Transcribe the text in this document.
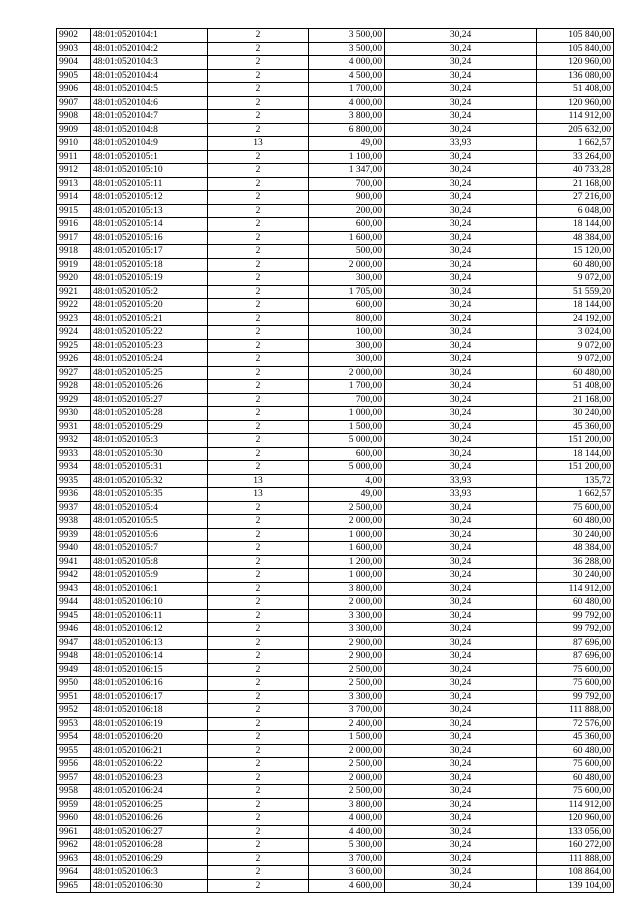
9902	48:01:0520104:1	2	3 500,00	30,24	105 840,00
9903	48:01:0520104:2	2	3 500,00	30,24	105 840,00
9904	48:01:0520104:3	2	4 000,00	30,24	120 960,00
9905	48:01:0520104:4	2	4 500,00	30,24	136 080,00
9906	48:01:0520104:5	2	1 700,00	30,24	51 408,00
9907	48:01:0520104:6	2	4 000,00	30,24	120 960,00
9908	48:01:0520104:7	2	3 800,00	30,24	114 912,00
9909	48:01:0520104:8	2	6 800,00	30,24	205 632,00
9910	48:01:0520104:9	13	49,00	33,93	1 662,57
9911	48:01:0520105:1	2	1 100,00	30,24	33 264,00
9912	48:01:0520105:10	2	1 347,00	30,24	40 733,28
9913	48:01:0520105:11	2	700,00	30,24	21 168,00
9914	48:01:0520105:12	2	900,00	30,24	27 216,00
9915	48:01:0520105:13	2	200,00	30,24	6 048,00
9916	48:01:0520105:14	2	600,00	30,24	18 144,00
9917	48:01:0520105:16	2	1 600,00	30,24	48 384,00
9918	48:01:0520105:17	2	500,00	30,24	15 120,00
9919	48:01:0520105:18	2	2 000,00	30,24	60 480,00
9920	48:01:0520105:19	2	300,00	30,24	9 072,00
9921	48:01:0520105:2	2	1 705,00	30,24	51 559,20
9922	48:01:0520105:20	2	600,00	30,24	18 144,00
9923	48:01:0520105:21	2	800,00	30,24	24 192,00
9924	48:01:0520105:22	2	100,00	30,24	3 024,00
9925	48:01:0520105:23	2	300,00	30,24	9 072,00
9926	48:01:0520105:24	2	300,00	30,24	9 072,00
9927	48:01:0520105:25	2	2 000,00	30,24	60 480,00
9928	48:01:0520105:26	2	1 700,00	30,24	51 408,00
9929	48:01:0520105:27	2	700,00	30,24	21 168,00
9930	48:01:0520105:28	2	1 000,00	30,24	30 240,00
9931	48:01:0520105:29	2	1 500,00	30,24	45 360,00
9932	48:01:0520105:3	2	5 000,00	30,24	151 200,00
9933	48:01:0520105:30	2	600,00	30,24	18 144,00
9934	48:01:0520105:31	2	5 000,00	30,24	151 200,00
9935	48:01:0520105:32	13	4,00	33,93	135,72
9936	48:01:0520105:35	13	49,00	33,93	1 662,57
9937	48:01:0520105:4	2	2 500,00	30,24	75 600,00
9938	48:01:0520105:5	2	2 000,00	30,24	60 480,00
9939	48:01:0520105:6	2	1 000,00	30,24	30 240,00
9940	48:01:0520105:7	2	1 600,00	30,24	48 384,00
9941	48:01:0520105:8	2	1 200,00	30,24	36 288,00
9942	48:01:0520105:9	2	1 000,00	30,24	30 240,00
9943	48:01:0520106:1	2	3 800,00	30,24	114 912,00
9944	48:01:0520106:10	2	2 000,00	30,24	60 480,00
9945	48:01:0520106:11	2	3 300,00	30,24	99 792,00
9946	48:01:0520106:12	2	3 300,00	30,24	99 792,00
9947	48:01:0520106:13	2	2 900,00	30,24	87 696,00
9948	48:01:0520106:14	2	2 900,00	30,24	87 696,00
9949	48:01:0520106:15	2	2 500,00	30,24	75 600,00
9950	48:01:0520106:16	2	2 500,00	30,24	75 600,00
9951	48:01:0520106:17	2	3 300,00	30,24	99 792,00
9952	48:01:0520106:18	2	3 700,00	30,24	111 888,00
9953	48:01:0520106:19	2	2 400,00	30,24	72 576,00
9954	48:01:0520106:20	2	1 500,00	30,24	45 360,00
9955	48:01:0520106:21	2	2 000,00	30,24	60 480,00
9956	48:01:0520106:22	2	2 500,00	30,24	75 600,00
9957	48:01:0520106:23	2	2 000,00	30,24	60 480,00
9958	48:01:0520106:24	2	2 500,00	30,24	75 600,00
9959	48:01:0520106:25	2	3 800,00	30,24	114 912,00
9960	48:01:0520106:26	2	4 000,00	30,24	120 960,00
9961	48:01:0520106:27	2	4 400,00	30,24	133 056,00
9962	48:01:0520106:28	2	5 300,00	30,24	160 272,00
9963	48:01:0520106:29	2	3 700,00	30,24	111 888,00
9964	48:01:0520106:3	2	3 600,00	30,24	108 864,00
9965	48:01:0520106:30	2	4 600,00	30,24	139 104,00
